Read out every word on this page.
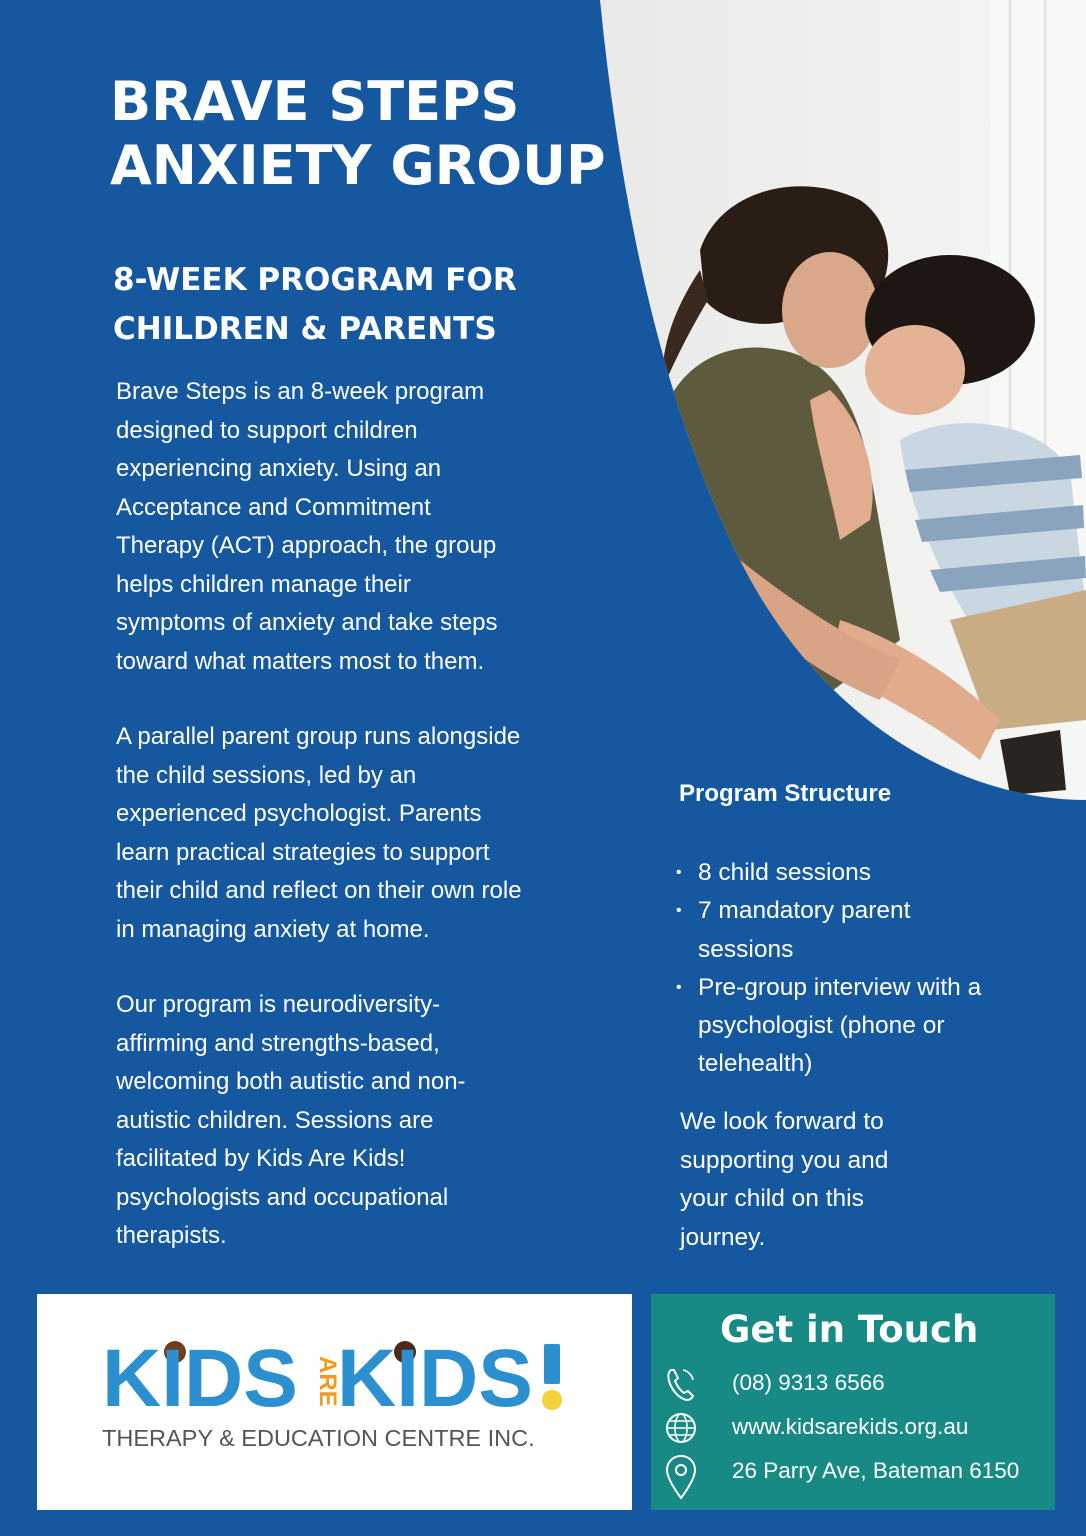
BRAVE STEPS
ANXIETY GROUP
8-WEEK PROGRAM FOR
CHILDREN & PARENTS

Brave Steps is an 8-week program
designed to support children
experiencing anxiety. Using an
Acceptance and Commitment
Therapy (ACT) approach, the group
helps children manage their
symptoms of anxiety and take steps
toward what matters most to them.

A parallel parent group runs alongside
the child sessions, led by an
experienced psychologist. Parents
learn practical strategies to support
their child and reflect on their own role
in managing anxiety at home.

Our program is neurodiversity-
affirming and strengths-based,
welcoming both autistic and non-
autistic children. Sessions are
facilitated by Kids Are Kids!
psychologists and occupational
therapists.

Program Structure
• 8 child sessions
• 7 mandatory parent
sessions
• Pre-group interview with a
psychologist (phone or
telehealth)

We look forward to
supporting you and
your child on this
journey.

KIDS ARE
KIDS
THERAPY & EDUCATION CENTRE INC.
Get in Touch
(08) 9313 6566
www.kidsarekids.org.au
26 Parry Ave, Bateman 6150
